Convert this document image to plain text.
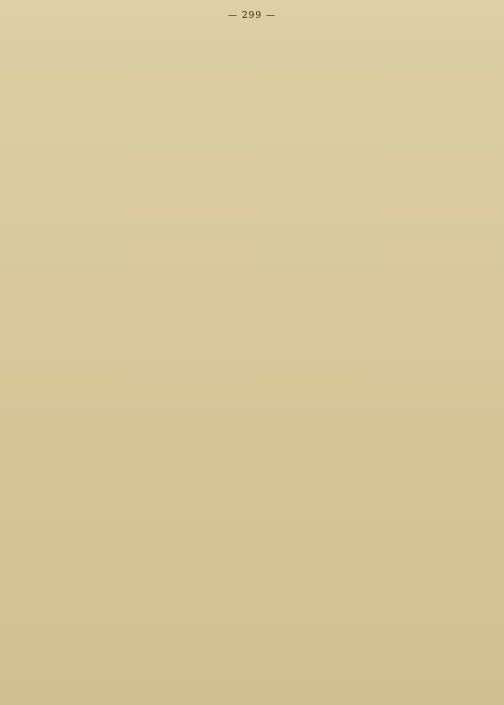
— 299 —
